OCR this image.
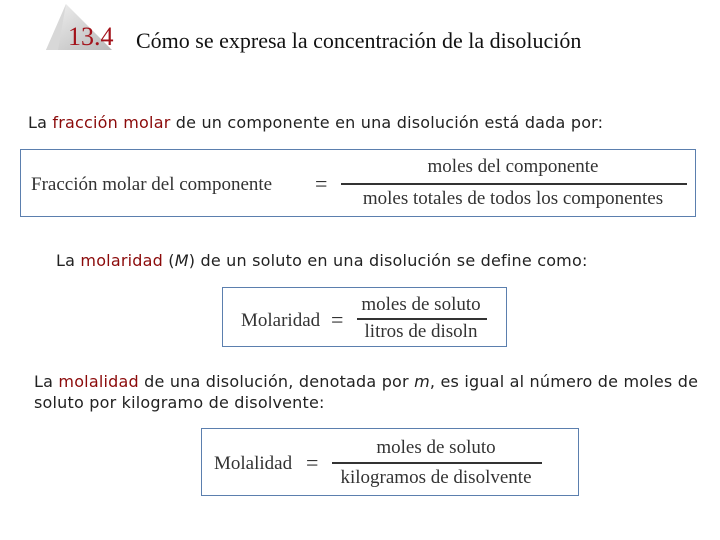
13.4 Cómo se expresa la concentración de la disolución
La fracción molar de un componente en una disolución está dada por:
Fracción molar del componente =
moles del componente
moles totales de todos los componentes
La molaridad (M) de un soluto en una disolución se define como:
Molaridad =
moles de soluto
litros de disoln
La molalidad de una disolución, denotada por m, es igual al número de moles de soluto por kilogramo de disolvente:
Molalidad =
moles de soluto
kilogramos de disolvente
